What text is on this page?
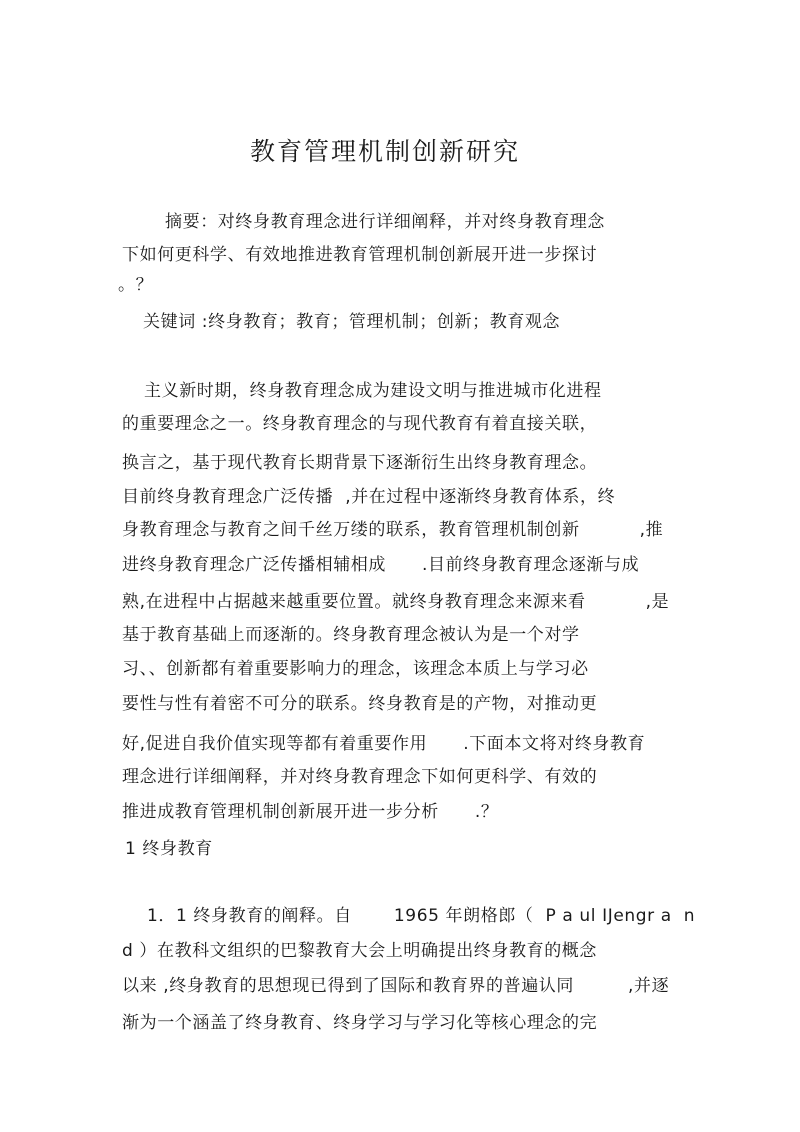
教育管理机制创新研究
摘要：对终身教育理念进行详细阐释，并对终身教育理念
下如何更科学、有效地推进教育管理机制创新展开进一步探讨
。？
关键词 :终身教育；教育；管理机制；创新；教育观念
主义新时期，终身教育理念成为建设文明与推进城市化进程
的重要理念之一。终身教育理念的与现代教育有着直接关联，
换言之，基于现代教育长期背景下逐渐衍生出终身教育理念。
目前终身教育理念广泛传播  ,并在过程中逐渐终身教育体系，终
身教育理念与教育之间千丝万缕的联系，教育管理机制创新          ,推
进终身教育理念广泛传播相辅相成      .目前终身教育理念逐渐与成
熟,在进程中占据越来越重要位置。就终身教育理念来源来看          ,是
基于教育基础上而逐渐的。终身教育理念被认为是一个对学
习、、创新都有着重要影响力的理念，该理念本质上与学习必
要性与性有着密不可分的联系。终身教育是的产物，对推动更
好,促进自我价值实现等都有着重要作用      .下面本文将对终身教育
理念进行详细阐释，并对终身教育理念下如何更科学、有效的
推进成教育管理机制创新展开进一步分析      .？
1 终身教育
1．1 终身教育的阐释。自       1965 年朗格郎（  P a ul IJengr a  n
d ）在教科文组织的巴黎教育大会上明确提出终身教育的概念
以来 ,终身教育的思想现已得到了国际和教育界的普遍认同         ,并逐
渐为一个涵盖了终身教育、终身学习与学习化等核心理念的完
